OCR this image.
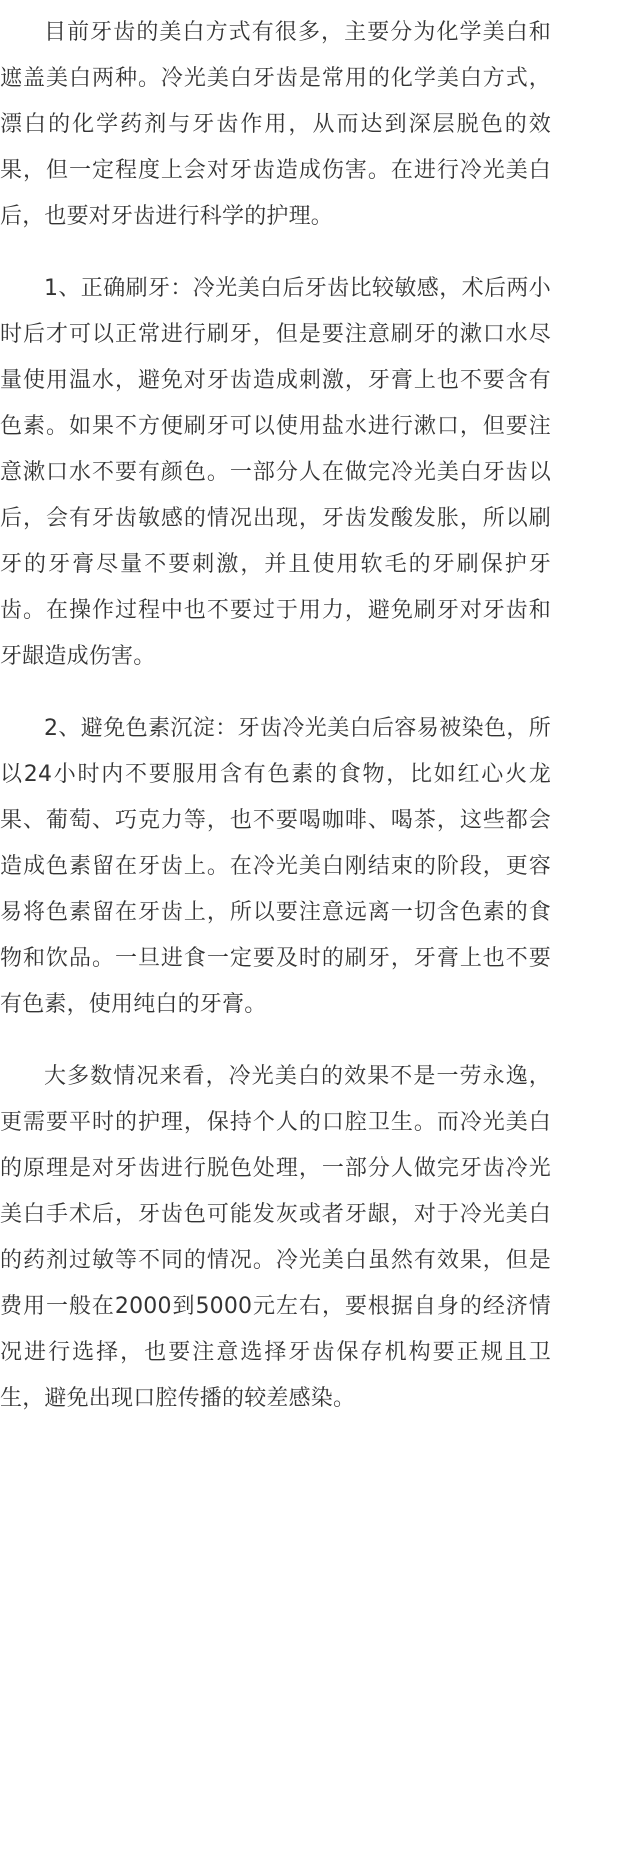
目前牙齿的美白方式有很多，主要分为化学美白和遮盖美白两种。冷光美白牙齿是常用的化学美白方式，漂白的化学药剂与牙齿作用，从而达到深层脱色的效果，但一定程度上会对牙齿造成伤害。在进行冷光美白后，也要对牙齿进行科学的护理。

1、正确刷牙：冷光美白后牙齿比较敏感，术后两小时后才可以正常进行刷牙，但是要注意刷牙的漱口水尽量使用温水，避免对牙齿造成刺激，牙膏上也不要含有色素。如果不方便刷牙可以使用盐水进行漱口，但要注意漱口水不要有颜色。一部分人在做完冷光美白牙齿以后，会有牙齿敏感的情况出现，牙齿发酸发胀，所以刷牙的牙膏尽量不要刺激，并且使用软毛的牙刷保护牙齿。在操作过程中也不要过于用力，避免刷牙对牙齿和牙龈造成伤害。

2、避免色素沉淀：牙齿冷光美白后容易被染色，所以24小时内不要服用含有色素的食物，比如红心火龙果、葡萄、巧克力等，也不要喝咖啡、喝茶，这些都会造成色素留在牙齿上。在冷光美白刚结束的阶段，更容易将色素留在牙齿上，所以要注意远离一切含色素的食物和饮品。一旦进食一定要及时的刷牙，牙膏上也不要有色素，使用纯白的牙膏。

大多数情况来看，冷光美白的效果不是一劳永逸，更需要平时的护理，保持个人的口腔卫生。而冷光美白的原理是对牙齿进行脱色处理，一部分人做完牙齿冷光美白手术后，牙齿色可能发灰或者牙龈，对于冷光美白的药剂过敏等不同的情况。冷光美白虽然有效果，但是费用一般在2000到5000元左右，要根据自身的经济情况进行选择，也要注意选择牙齿保存机构要正规且卫生，避免出现口腔传播的较差感染。
